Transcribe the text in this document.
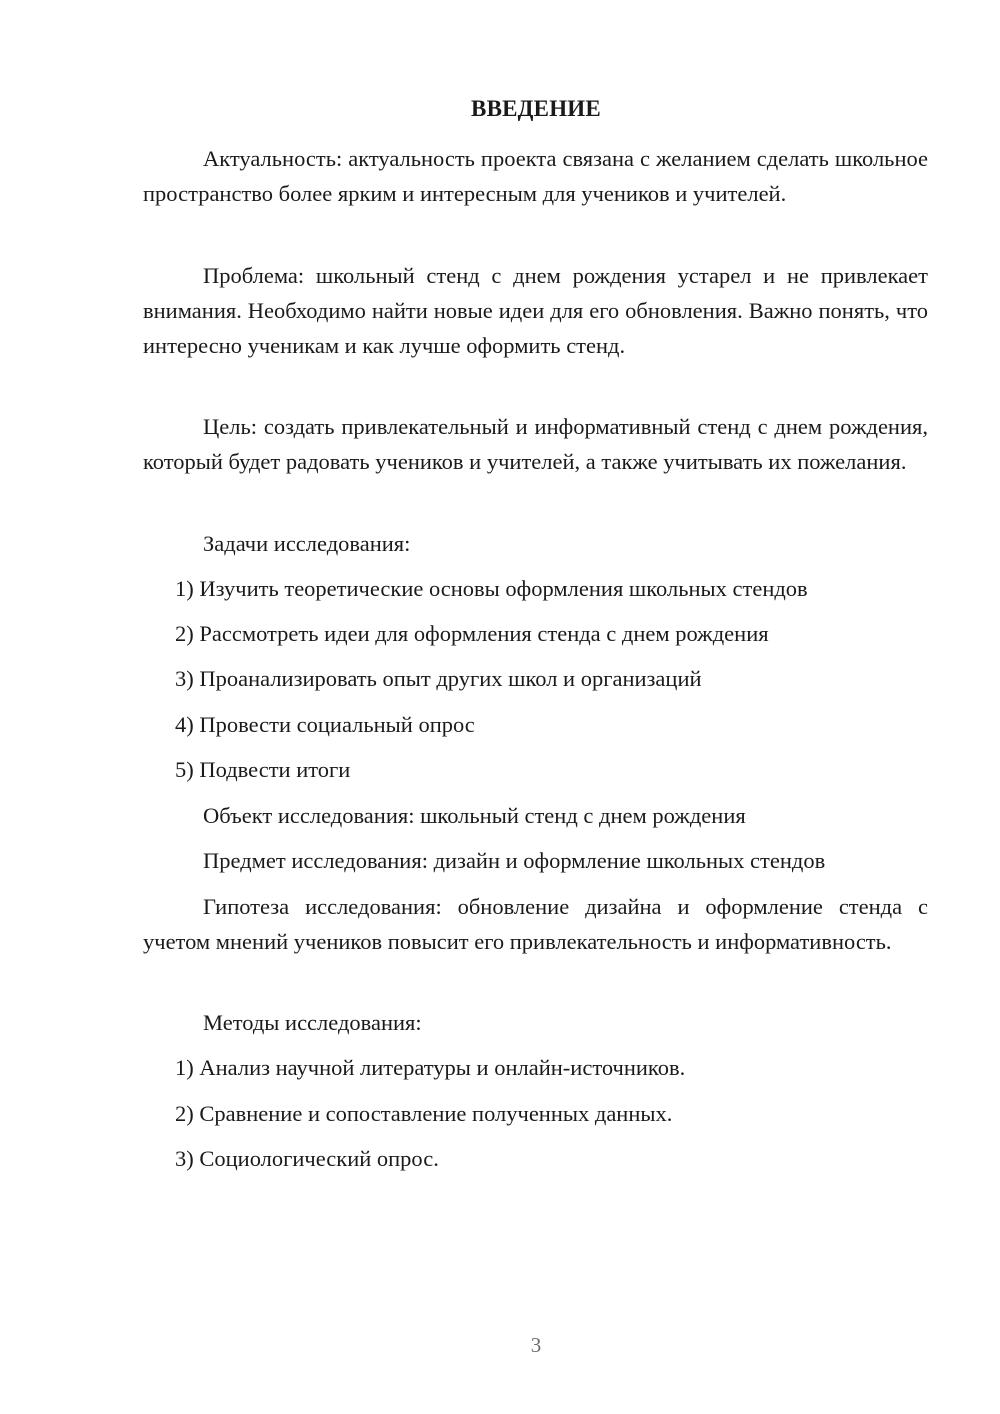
ВВЕДЕНИЕ

Актуальность: актуальность проекта связана с желанием сделать школьное пространство более ярким и интересным для учеников и учителей.

Проблема: школьный стенд с днем рождения устарел и не привлекает внимания. Необходимо найти новые идеи для его обновления. Важно понять, что интересно ученикам и как лучше оформить стенд.

Цель: создать привлекательный и информативный стенд с днем рождения, который будет радовать учеников и учителей, а также учитывать их пожелания.

Задачи исследования:

1) Изучить теоретические основы оформления школьных стендов

2) Рассмотреть идеи для оформления стенда с днем рождения

3) Проанализировать опыт других школ и организаций

4) Провести социальный опрос

5) Подвести итоги

Объект исследования: школьный стенд с днем рождения

Предмет исследования: дизайн и оформление школьных стендов

Гипотеза исследования: обновление дизайна и оформление стенда с учетом мнений учеников повысит его привлекательность и информативность.

Методы исследования:

1) Анализ научной литературы и онлайн-источников.

2) Сравнение и сопоставление полученных данных.

3) Социологический опрос.

3
